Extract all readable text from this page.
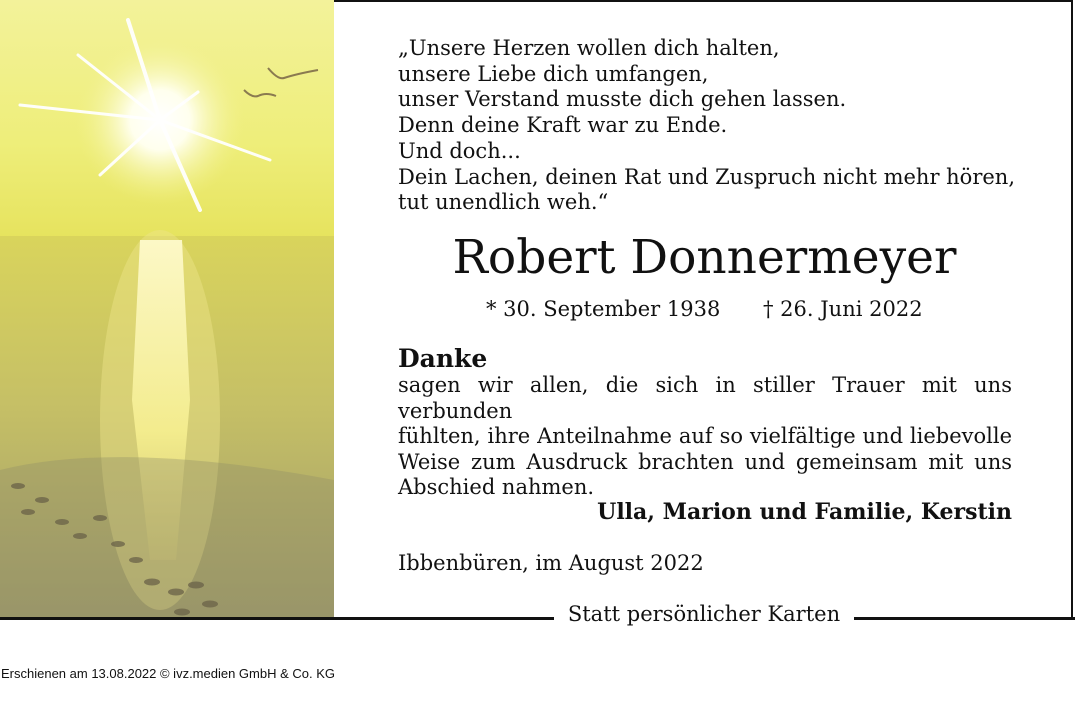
„Unsere Herzen wollen dich halten,
unsere Liebe dich umfangen,
unser Verstand musste dich gehen lassen.
Denn deine Kraft war zu Ende.
Und doch...
Dein Lachen, deinen Rat und Zuspruch nicht mehr hören,
tut unendlich weh.“
Robert Donnermeyer
* 30. September 1938 † 26. Juni 2022
Danke
sagen wir allen, die sich in stiller Trauer mit uns verbunden
fühlten, ihre Anteilnahme auf so vielfältige und liebevolle
Weise zum Ausdruck brachten und gemeinsam mit uns
Abschied nahmen.
Ulla, Marion und Familie, Kerstin
Ibbenbüren, im August 2022
Statt persönlicher Karten
Erschienen am 13.08.2022 © ivz.medien GmbH & Co. KG
